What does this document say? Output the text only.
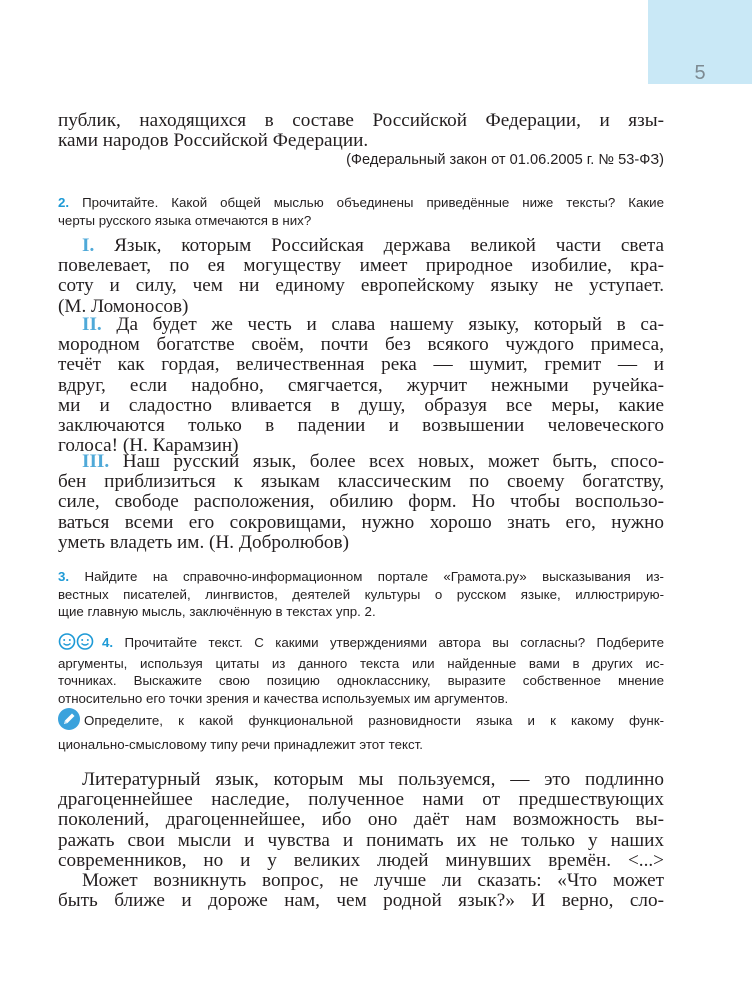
5
публик, находящихся в составе Российской Федерации, и язы-
ками народов Российской Федерации.
(Федеральный закон от 01.06.2005 г. № 53-ФЗ)
2. Прочитайте. Какой общей мыслью объединены приведённые ниже тексты? Какие
черты русского языка отмечаются в них?
I. Язык, которым Российская держава великой части света
повелевает, по ея могуществу имеет природное изобилие, кра-
соту и силу, чем ни единому европейскому языку не уступает.
(М. Ломоносов)
II. Да будет же честь и слава нашему языку, который в са-
мородном богатстве своём, почти без всякого чуждого примеса,
течёт как гордая, величественная река — шумит, гремит — и
вдруг, если надобно, смягчается, журчит нежными ручейка-
ми и сладостно вливается в душу, образуя все меры, какие
заключаются только в падении и возвышении человеческого
голоса! (Н. Карамзин)
III. Наш русский язык, более всех новых, может быть, спосо-
бен приблизиться к языкам классическим по своему богатству,
силе, свободе расположения, обилию форм. Но чтобы воспользо-
ваться всеми его сокровищами, нужно хорошо знать его, нужно
уметь владеть им. (Н. Добролюбов)
3. Найдите на справочно-информационном портале «Грамота.ру» высказывания из-
вестных писателей, лингвистов, деятелей культуры о русском языке, иллюстрирую-
щие главную мысль, заключённую в текстах упр. 2.
4. Прочитайте текст. С какими утверждениями автора вы согласны? Подберите
аргументы, используя цитаты из данного текста или найденные вами в других ис-
точниках. Выскажите свою позицию однокласснику, выразите собственное мнение
относительно его точки зрения и качества используемых им аргументов.
Определите, к какой функциональной разновидности языка и к какому функ-
ционально-смысловому типу речи принадлежит этот текст.
Литературный язык, которым мы пользуемся, — это подлинно
драгоценнейшее наследие, полученное нами от предшествующих
поколений, драгоценнейшее, ибо оно даёт нам возможность вы-
ражать свои мысли и чувства и понимать их не только у наших
современников, но и у великих людей минувших времён. <...>
Может возникнуть вопрос, не лучше ли сказать: «Что может
быть ближе и дороже нам, чем родной язык?» И верно, сло-
